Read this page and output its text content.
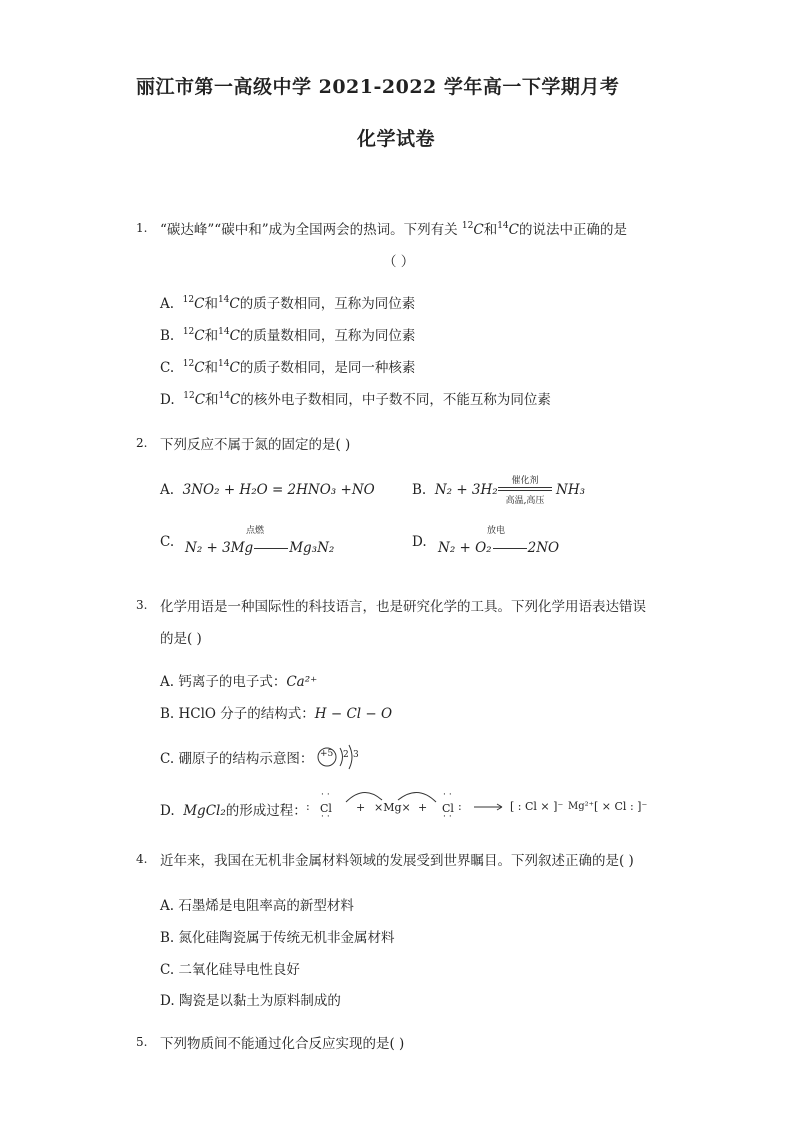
丽江市第一高级中学 2021-2022 学年高一下学期月考
化学试卷
1. “碳达峰”“碳中和”成为全国两会的热词。下列有关 $^{12}$C和$^{14}$C的说法中正确的是
（ ）
A. $^{12}$C和$^{14}$C的质子数相同，互称为同位素
B. $^{12}$C和$^{14}$C的质量数相同，互称为同位素
C. $^{12}$C和$^{14}$C的质子数相同，是同一种核素
D. $^{12}$C和$^{14}$C的核外电子数相同，中子数不同，不能互称为同位素
2. 下列反应不属于氮的固定的是( )
A. 3NO₂ + H₂O = 2HNO₃ +NO	B. N₂ + 3H₂
催化剂
高温,高压
NH₃
C.
点燃
N₂ + 3Mg	Mg₃N₂	D.
放电
N₂ + O₂	2NO
3. 化学用语是一种国际性的科技语言，也是研究化学的工具。下列化学用语表达错误
的是( )
A. 钙离子的电子式：Ca²⁺
B. HClO 分子的结构式：H − Cl − O
C. 硼原子的结构示意图： +5 2 3
D. MgCl₂的形成过程： : Cl
··
··
+ ×Mg× + Cl
··
··
:	[ : Cl × ]⁻ Mg²⁺ [ × Cl : ]⁻
4. 近年来，我国在无机非金属材料领域的发展受到世界瞩目。下列叙述正确的是( )
A. 石墨烯是电阻率高的新型材料
B. 氮化硅陶瓷属于传统无机非金属材料
C. 二氧化硅导电性良好
D. 陶瓷是以黏土为原料制成的
5. 下列物质间不能通过化合反应实现的是( )
